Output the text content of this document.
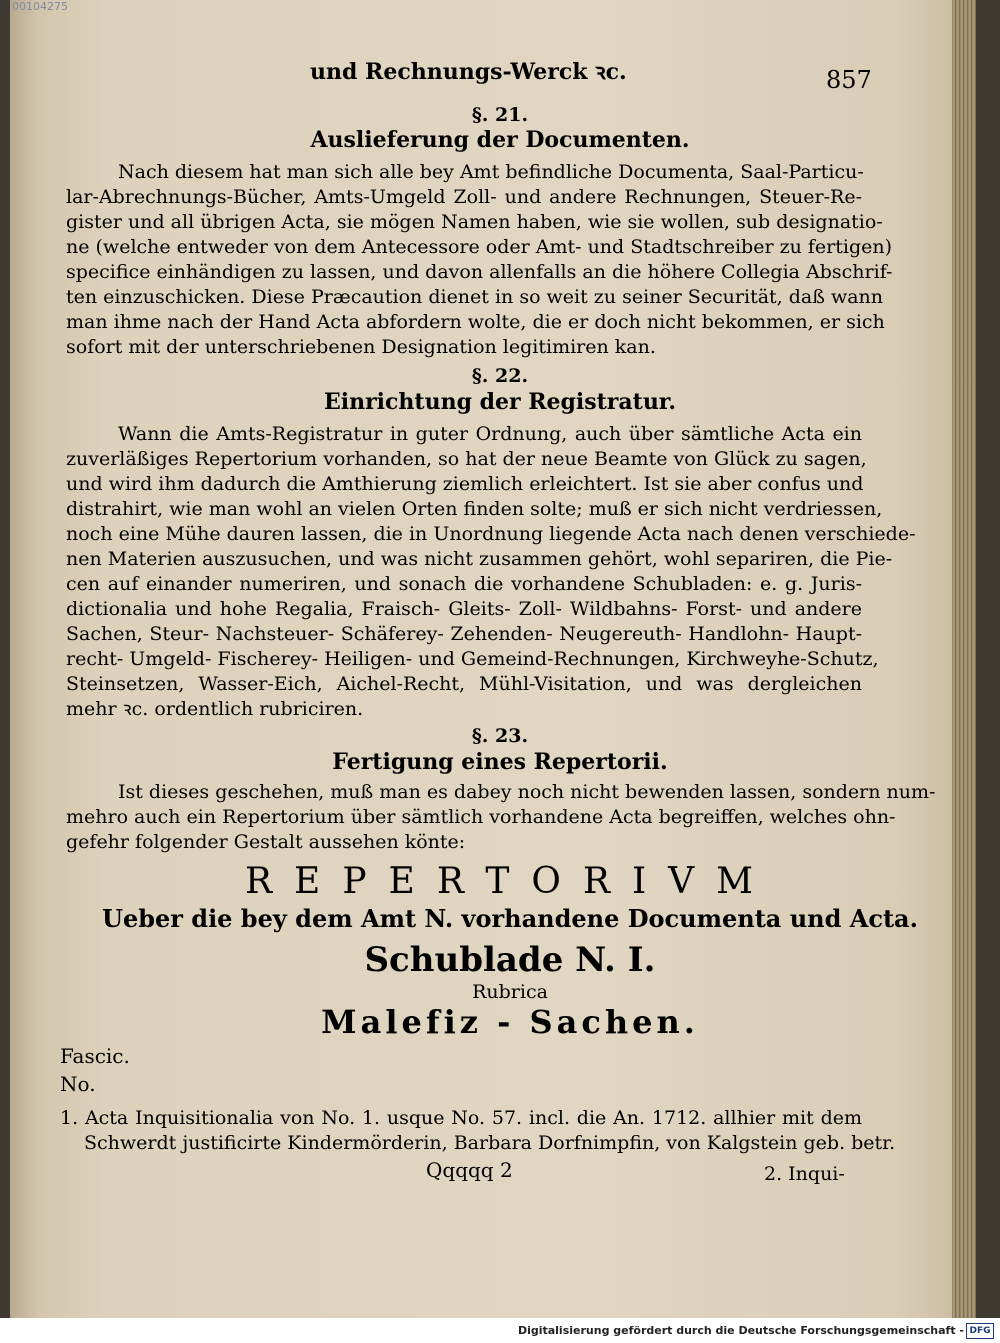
00104275
und Rechnungs-Werck ꝛc.	857
§. 21.
Auslieferung der Documenten.
Nach diesem hat man sich alle bey Amt befindliche Documenta, Saal-Particu-
lar-Abrechnungs-Bücher, Amts-Umgeld Zoll- und andere Rechnungen, Steuer-Re-
gister und all übrigen Acta, sie mögen Namen haben, wie sie wollen, sub designatio-
ne (welche entweder von dem Antecessore oder Amt- und Stadtschreiber zu fertigen)
specifice einhändigen zu lassen, und davon allenfalls an die höhere Collegia Abschrif-
ten einzuschicken. Diese Præcaution dienet in so weit zu seiner Securität, daß wann
man ihme nach der Hand Acta abfordern wolte, die er doch nicht bekommen, er sich
sofort mit der unterschriebenen Designation legitimiren kan.
§. 22.
Einrichtung der Registratur.
Wann die Amts-Registratur in guter Ordnung, auch über sämtliche Acta ein
zuverläßiges Repertorium vorhanden, so hat der neue Beamte von Glück zu sagen,
und wird ihm dadurch die Amthierung ziemlich erleichtert. Ist sie aber confus und
distrahirt, wie man wohl an vielen Orten finden solte; muß er sich nicht verdriessen,
noch eine Mühe dauren lassen, die in Unordnung liegende Acta nach denen verschiede-
nen Materien auszusuchen, und was nicht zusammen gehört, wohl separiren, die Pie-
cen auf einander numeriren, und sonach die vorhandene Schubladen: e. g. Juris-
dictionalia und hohe Regalia, Fraisch- Gleits- Zoll- Wildbahns- Forst- und andere
Sachen, Steur- Nachsteuer- Schäferey- Zehenden- Neugereuth- Handlohn- Haupt-
recht- Umgeld- Fischerey- Heiligen- und Gemeind-Rechnungen, Kirchweyhe-Schutz,
Steinsetzen, Wasser-Eich, Aichel-Recht, Mühl-Visitation, und was dergleichen
mehr ꝛc. ordentlich rubriciren.
§. 23.
Fertigung eines Repertorii.
Ist dieses geschehen, muß man es dabey noch nicht bewenden lassen, sondern num-
mehro auch ein Repertorium über sämtlich vorhandene Acta begreiffen, welches ohn-
gefehr folgender Gestalt aussehen könte:
REPERTORIVM
Ueber die bey dem Amt N. vorhandene Documenta und Acta.
Schublade N. I.
Rubrica
Malefiz - Sachen.
Fascic.
No.
1. Acta Inquisitionalia von No. 1. usque No. 57. incl. die An. 1712. allhier mit dem
Schwerdt justificirte Kindermörderin, Barbara Dorfnimpfin, von Kalgstein geb. betr.
Qqqqq 2	2. Inqui-
Digitalisierung gefördert durch die Deutsche Forschungsgemeinschaft - DFG
